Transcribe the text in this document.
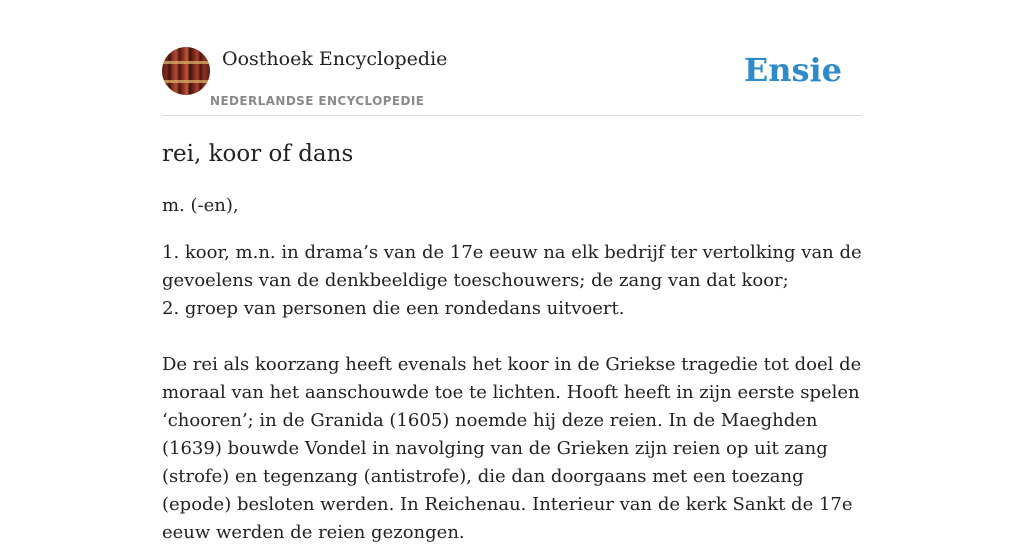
Oosthoek Encyclopedie
NEDERLANDSE ENCYCLOPEDIE
Ensie
rei, koor of dans
m. (-en),
1. koor, m.n. in drama’s van de 17e eeuw na elk bedrijf ter vertolking van de gevoelens van de denkbeeldige toeschouwers; de zang van dat koor;
2. groep van personen die een rondedans uitvoert.
De rei als koorzang heeft evenals het koor in de Griekse tragedie tot doel de moraal van het aanschouwde toe te lichten. Hooft heeft in zijn eerste spelen ‘chooren’; in de Granida (1605) noemde hij deze reien. In de Maeghden (1639) bouwde Vondel in navolging van de Grieken zijn reien op uit zang (strofe) en tegenzang (antistrofe), die dan doorgaans met een toezang (epode) besloten werden. In Reichenau. Interieur van de kerk Sankt de 17e eeuw werden de reien gezongen.
